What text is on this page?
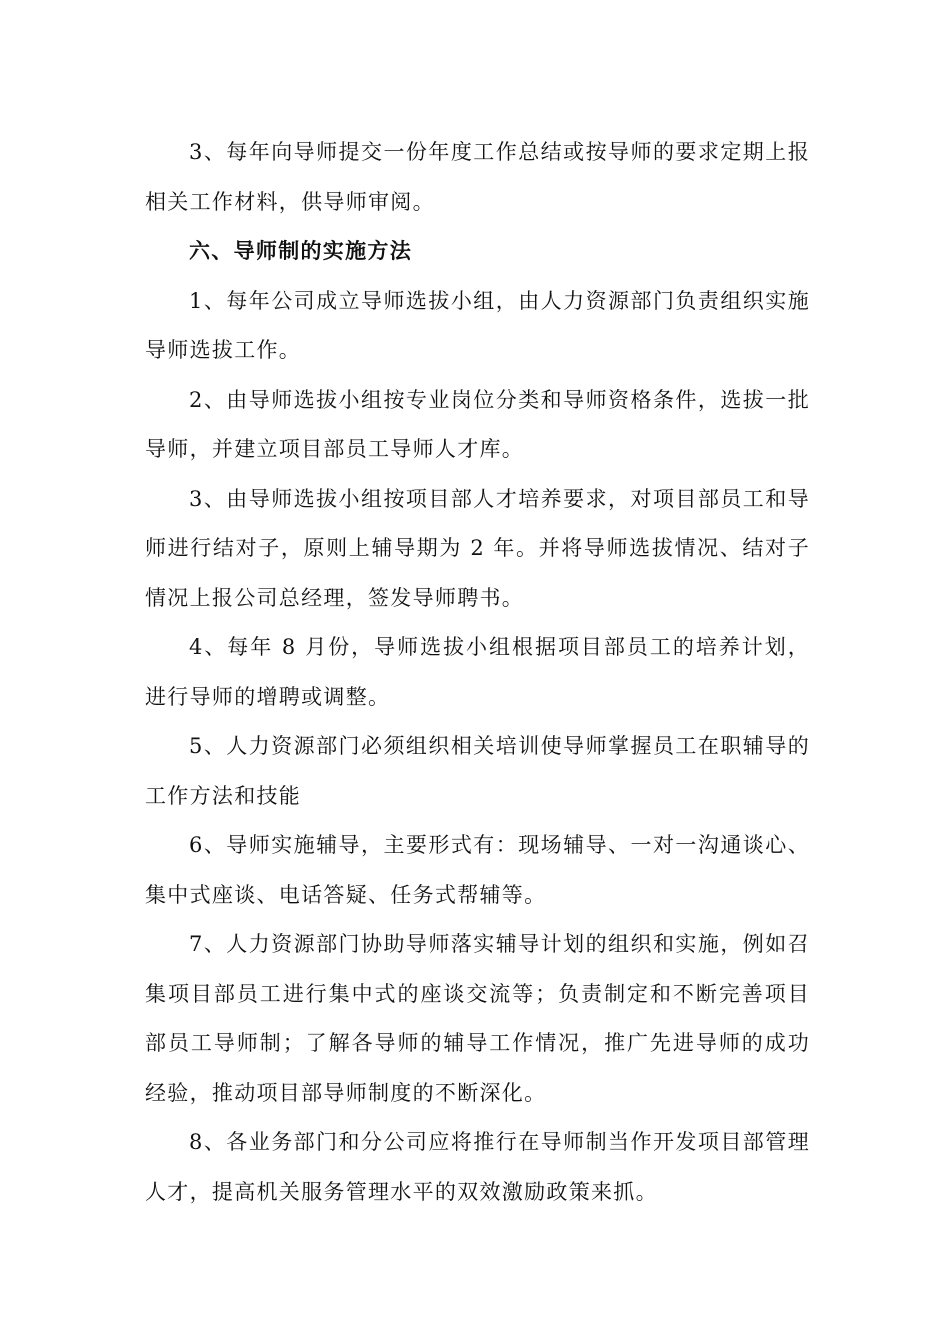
3、每年向导师提交一份年度工作总结或按导师的要求定期上报相关工作材料，供导师审阅。

六、导师制的实施方法

1、每年公司成立导师选拔小组，由人力资源部门负责组织实施导师选拔工作。

2、由导师选拔小组按专业岗位分类和导师资格条件，选拔一批导师，并建立项目部员工导师人才库。

3、由导师选拔小组按项目部人才培养要求，对项目部员工和导师进行结对子，原则上辅导期为 2 年。并将导师选拔情况、结对子情况上报公司总经理，签发导师聘书。

4、每年 8 月份，导师选拔小组根据项目部员工的培养计划，进行导师的增聘或调整。

5、人力资源部门必须组织相关培训使导师掌握员工在职辅导的工作方法和技能

6、导师实施辅导，主要形式有：现场辅导、一对一沟通谈心、集中式座谈、电话答疑、任务式帮辅等。

7、人力资源部门协助导师落实辅导计划的组织和实施，例如召集项目部员工进行集中式的座谈交流等；负责制定和不断完善项目部员工导师制；了解各导师的辅导工作情况，推广先进导师的成功经验，推动项目部导师制度的不断深化。

8、各业务部门和分公司应将推行在导师制当作开发项目部管理人才，提高机关服务管理水平的双效激励政策来抓。
